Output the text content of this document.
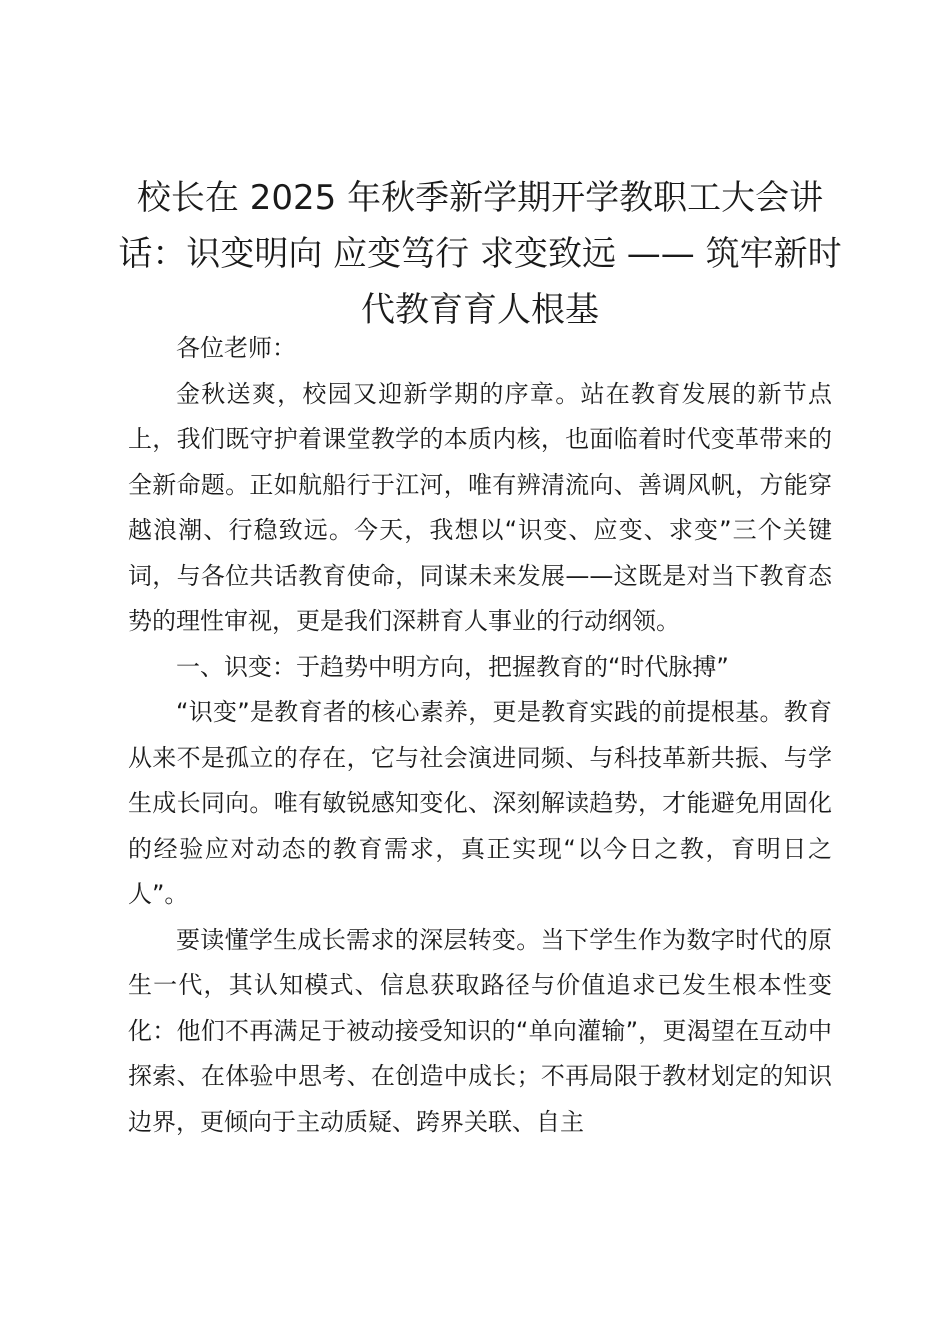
校长在 2025 年秋季新学期开学教职工大会讲话：识变明向 应变笃行 求变致远 —— 筑牢新时代教育育人根基

各位老师：

金秋送爽，校园又迎新学期的序章。站在教育发展的新节点上，我们既守护着课堂教学的本质内核，也面临着时代变革带来的全新命题。正如航船行于江河，唯有辨清流向、善调风帆，方能穿越浪潮、行稳致远。今天，我想以“识变、应变、求变”三个关键词，与各位共话教育使命，同谋未来发展——这既是对当下教育态势的理性审视，更是我们深耕育人事业的行动纲领。

一、识变：于趋势中明方向，把握教育的“时代脉搏”

“识变”是教育者的核心素养，更是教育实践的前提根基。教育从来不是孤立的存在，它与社会演进同频、与科技革新共振、与学生成长同向。唯有敏锐感知变化、深刻解读趋势，才能避免用固化的经验应对动态的教育需求，真正实现“以今日之教，育明日之人”。

要读懂学生成长需求的深层转变。当下学生作为数字时代的原生一代，其认知模式、信息获取路径与价值追求已发生根本性变化：他们不再满足于被动接受知识的“单向灌输”，更渴望在互动中探索、在体验中思考、在创造中成长；不再局限于教材划定的知识边界，更倾向于主动质疑、跨界关联、自主
